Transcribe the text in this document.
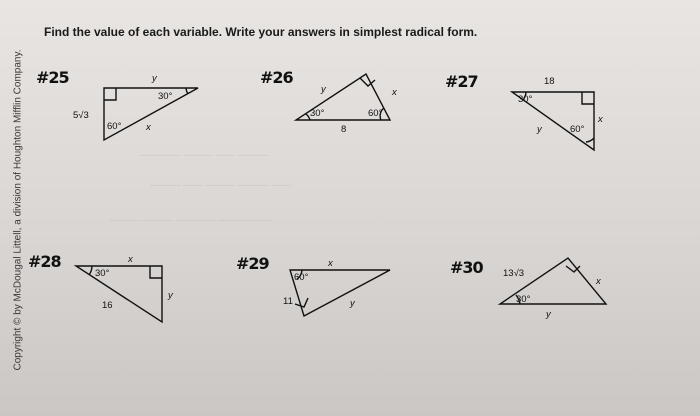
Copyright © by McDougal Littell, a division of Houghton Mifflin Company.
Find the value of each variable. Write your answers in simplest radical form.
———— ——— —— ———
——— —— ——— ——— ——
——— ——— ———— —— ———
#25	y
30°
5√3
60°	x
#26
y	x
30°	60°
8
#27	18
30°
y	60°
x
#28	x
30°
16
y
#29	x
60°
11	y
#30 13√3
x
30°
y
